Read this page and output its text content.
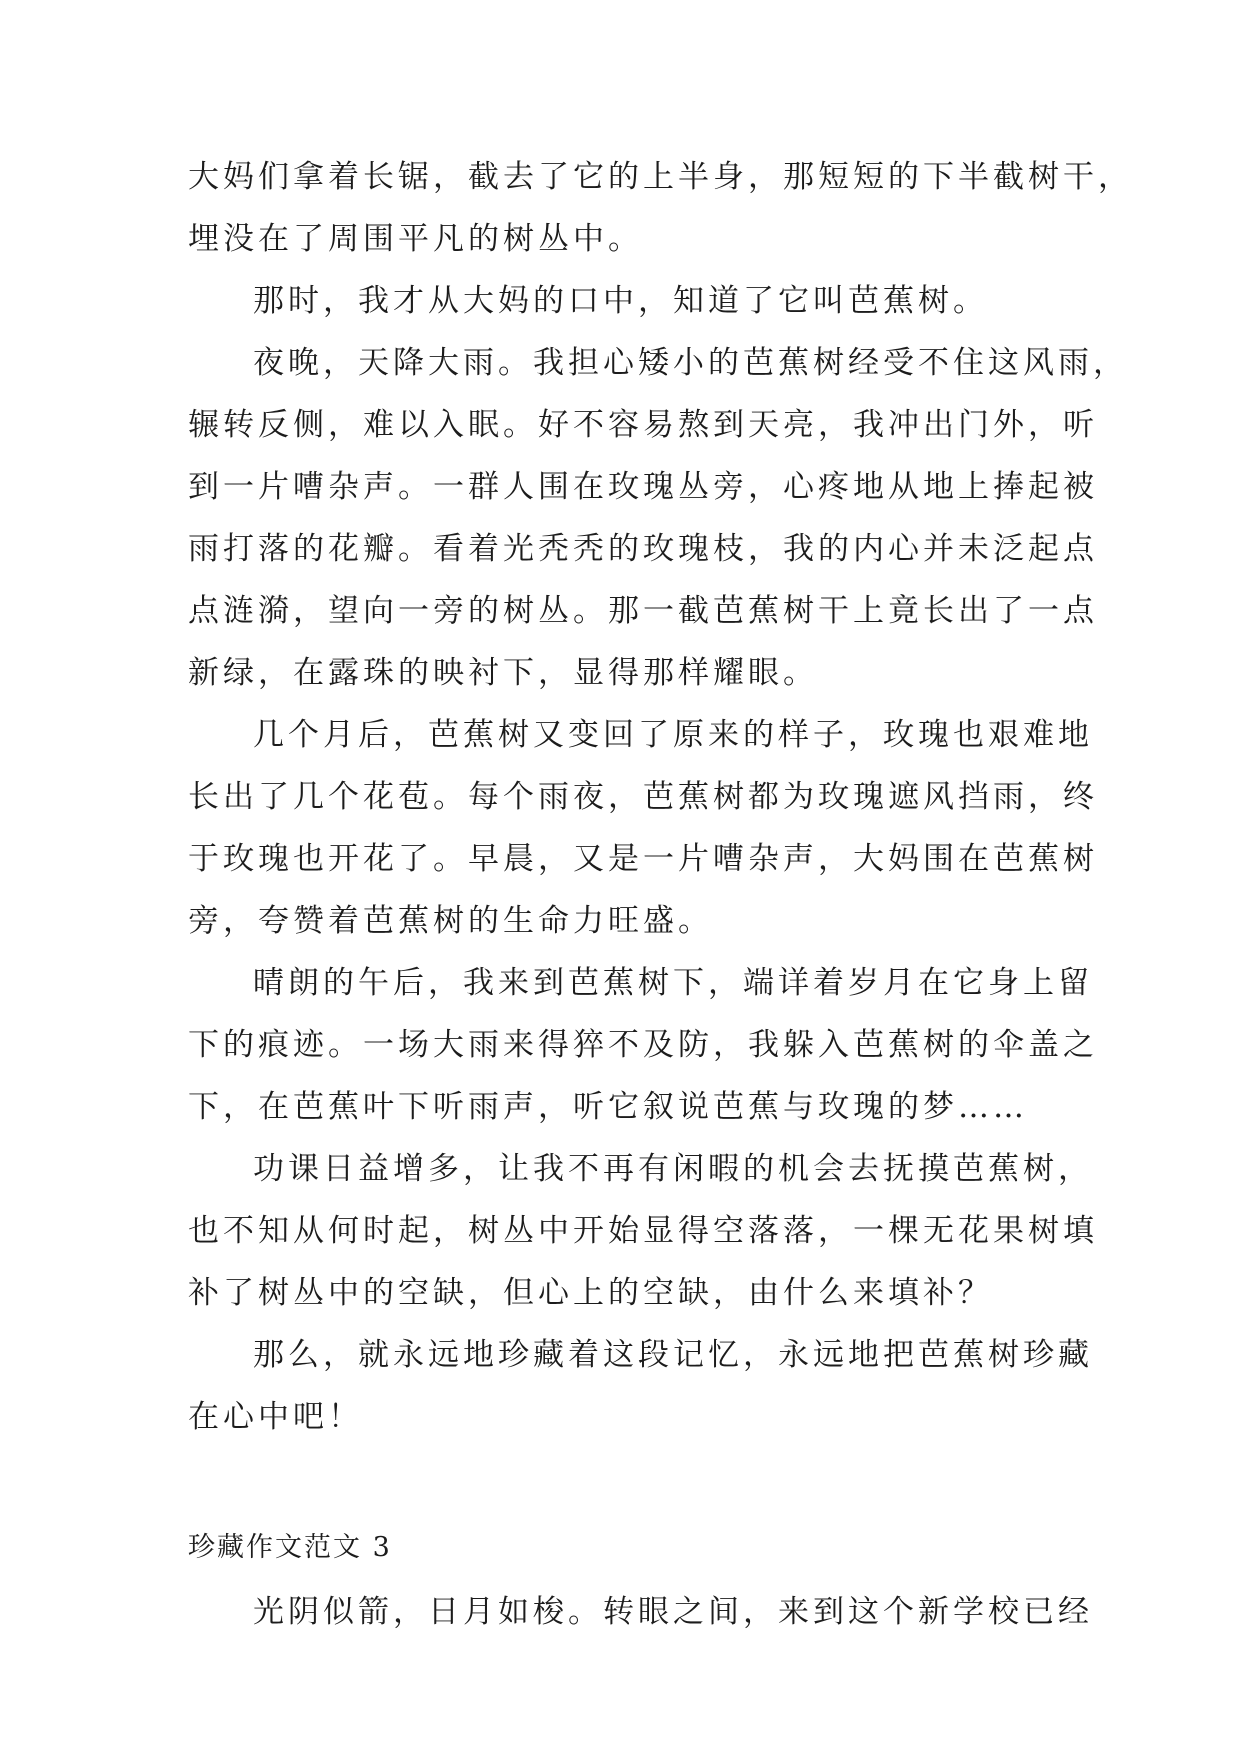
大妈们拿着长锯，截去了它的上半身，那短短的下半截树干，

埋没在了周围平凡的树丛中。

那时，我才从大妈的口中，知道了它叫芭蕉树。

夜晚，天降大雨。我担心矮小的芭蕉树经受不住这风雨，

辗转反侧，难以入眠。好不容易熬到天亮，我冲出门外，听

到一片嘈杂声。一群人围在玫瑰丛旁，心疼地从地上捧起被

雨打落的花瓣。看着光秃秃的玫瑰枝，我的内心并未泛起点

点涟漪，望向一旁的树丛。那一截芭蕉树干上竟长出了一点

新绿，在露珠的映衬下，显得那样耀眼。

几个月后，芭蕉树又变回了原来的样子，玫瑰也艰难地

长出了几个花苞。每个雨夜，芭蕉树都为玫瑰遮风挡雨，终

于玫瑰也开花了。早晨，又是一片嘈杂声，大妈围在芭蕉树

旁，夸赞着芭蕉树的生命力旺盛。

晴朗的午后，我来到芭蕉树下，端详着岁月在它身上留

下的痕迹。一场大雨来得猝不及防，我躲入芭蕉树的伞盖之

下，在芭蕉叶下听雨声，听它叙说芭蕉与玫瑰的梦……

功课日益增多，让我不再有闲暇的机会去抚摸芭蕉树，

也不知从何时起，树丛中开始显得空落落，一棵无花果树填

补了树丛中的空缺，但心上的空缺，由什么来填补？

那么，就永远地珍藏着这段记忆，永远地把芭蕉树珍藏

在心中吧！

珍藏作文范文 3

光阴似箭，日月如梭。转眼之间，来到这个新学校已经
